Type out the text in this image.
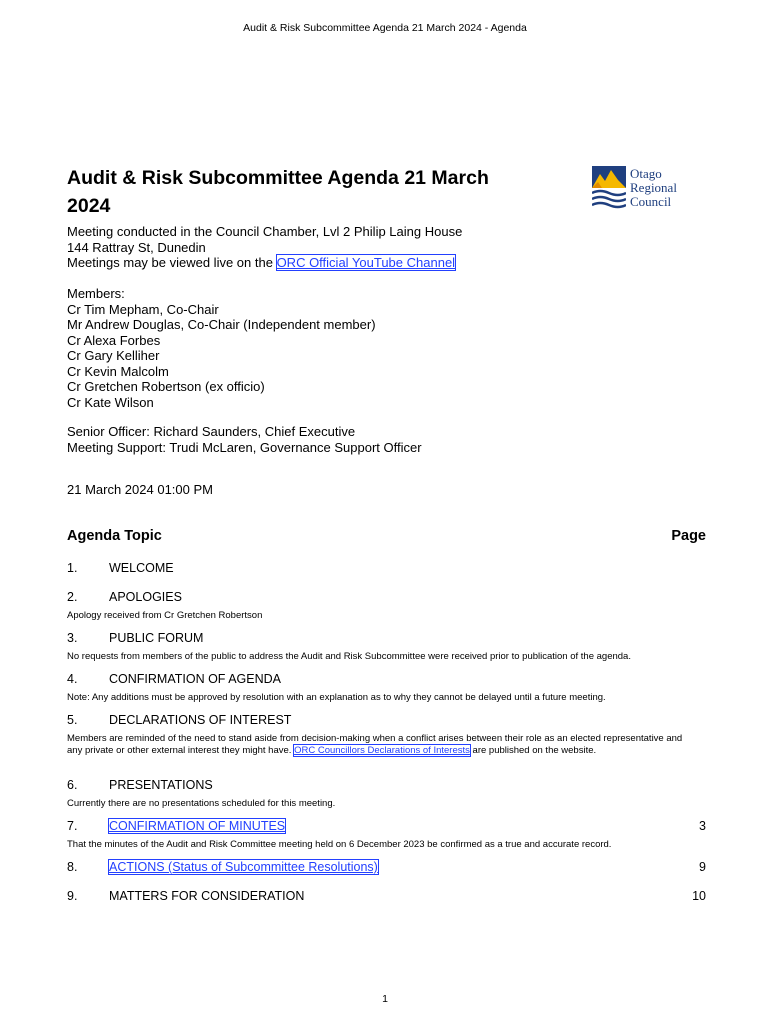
Audit & Risk Subcommittee Agenda 21 March 2024 - Agenda
Audit & Risk Subcommittee Agenda 21 March
2024
Otago
Regional
Council
Meeting conducted in the Council Chamber, Lvl 2 Philip Laing House
144 Rattray St, Dunedin
Meetings may be viewed live on the ORC Official YouTube Channel
Members:
Cr Tim Mepham, Co-Chair
Mr Andrew Douglas, Co-Chair (Independent member)
Cr Alexa Forbes
Cr Gary Kelliher
Cr Kevin Malcolm
Cr Gretchen Robertson (ex officio)
Cr Kate Wilson
Senior Officer: Richard Saunders, Chief Executive
Meeting Support: Trudi McLaren, Governance Support Officer
21 March 2024 01:00 PM
Agenda Topic	Page
1.	WELCOME
2.	APOLOGIES
Apology received from Cr Gretchen Robertson
3.	PUBLIC FORUM
No requests from members of the public to address the Audit and Risk Subcommittee were received prior to publication of the agenda.
4.	CONFIRMATION OF AGENDA
Note: Any additions must be approved by resolution with an explanation as to why they cannot be delayed until a future meeting.
5.	DECLARATIONS OF INTEREST
Members are reminded of the need to stand aside from decision-making when a conflict arises between their role as an elected representative and any private or other external interest they might have. ORC Councillors Declarations of Interests are published on the website.
6.	PRESENTATIONS
Currently there are no presentations scheduled for this meeting.
7.	CONFIRMATION OF MINUTES	3
That the minutes of the Audit and Risk Committee meeting held on 6 December 2023 be confirmed as a true and accurate record.
8.	ACTIONS (Status of Subcommittee Resolutions)	9
9.	MATTERS FOR CONSIDERATION	10
1
